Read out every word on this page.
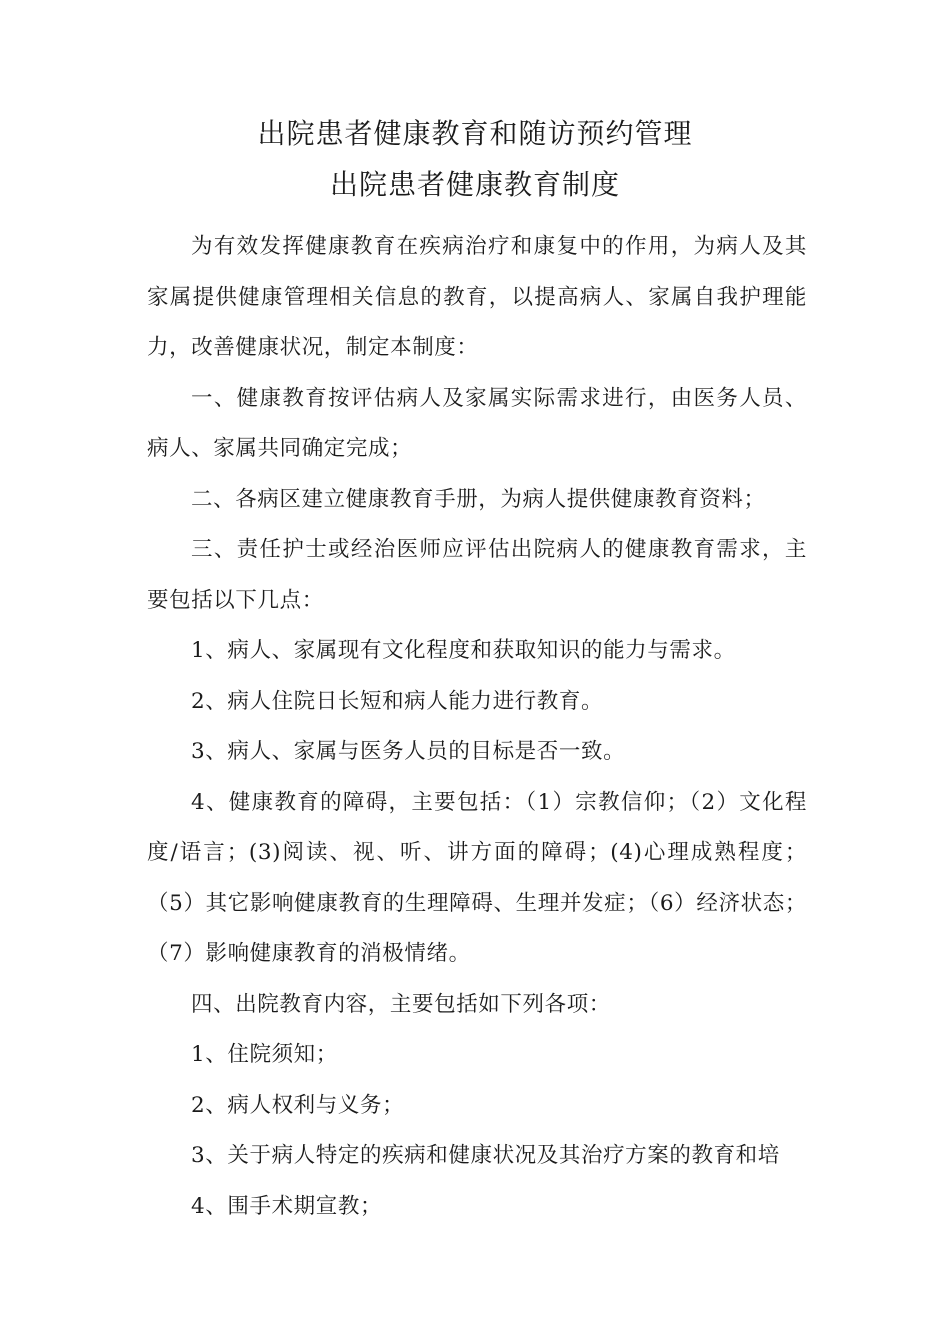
出院患者健康教育和随访预约管理
出院患者健康教育制度

为有效发挥健康教育在疾病治疗和康复中的作用，为病人及其家属提供健康管理相关信息的教育，以提高病人、家属自我护理能力，改善健康状况，制定本制度：

一、健康教育按评估病人及家属实际需求进行，由医务人员、病人、家属共同确定完成；

二、各病区建立健康教育手册，为病人提供健康教育资料；

三、责任护士或经治医师应评估出院病人的健康教育需求，主要包括以下几点：

1、病人、家属现有文化程度和获取知识的能力与需求。

2、病人住院日长短和病人能力进行教育。

3、病人、家属与医务人员的目标是否一致。

4、健康教育的障碍，主要包括：（1）宗教信仰；（2）文化程度/语言；(3)阅读、视、听、讲方面的障碍；(4)心理成熟程度；（5）其它影响健康教育的生理障碍、生理并发症；（6）经济状态；（7）影响健康教育的消极情绪。

四、出院教育内容，主要包括如下列各项：

1、住院须知；

2、病人权利与义务；

3、关于病人特定的疾病和健康状况及其治疗方案的教育和培

4、围手术期宣教；
